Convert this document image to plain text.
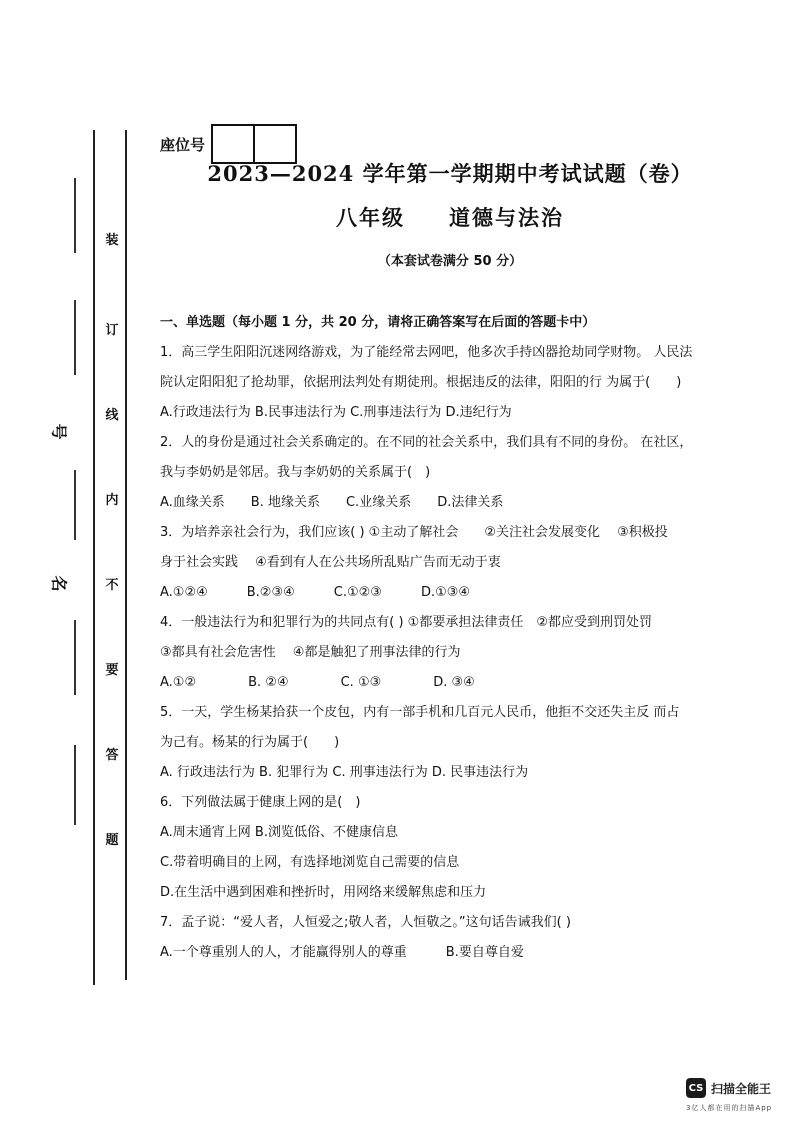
装
订
线
内
不
要
答
题
号
名
座位号
2023—2024 学年第一学期期中考试试题（卷）
八年级 道德与法治
（本套试卷满分 50 分）
一、单选题（每小题 1 分，共 20 分，请将正确答案写在后面的答题卡中）
1．高三学生阳阳沉迷网络游戏，为了能经常去网吧，他多次手持凶器抢劫同学财物。 人民法
院认定阳阳犯了抢劫罪，依据刑法判处有期徒刑。根据违反的法律，阳阳的行 为属于(　　)
A.行政违法行为 B.民事违法行为 C.刑事违法行为 D.违纪行为
2．人的身份是通过社会关系确定的。在不同的社会关系中，我们具有不同的身份。 在社区，
我与李奶奶是邻居。我与李奶奶的关系属于(　)
A.血缘关系　　B. 地缘关系　　C.业缘关系　　D.法律关系
3．为培养亲社会行为，我们应该( ) ①主动了解社会　　②关注社会发展变化　 ③积极投
身于社会实践　 ④看到有人在公共场所乱贴广告而无动于衷
A.①②④　　　B.②③④　　　C.①②③　　　D.①③④
4．一般违法行为和犯罪行为的共同点有( ) ①都要承担法律责任　②都应受到刑罚处罚
③都具有社会危害性　 ④都是触犯了刑事法律的行为
A.①②　　　　B. ②④　　　　C. ①③　　　　D. ③④
5．一天，学生杨某拾获一个皮包，内有一部手机和几百元人民币，他拒不交还失主反 而占
为己有。杨某的行为属于(　　)
A. 行政违法行为 B. 犯罪行为 C. 刑事违法行为 D. 民事违法行为
6．下列做法属于健康上网的是(　)
A.周末通宵上网 B.浏览低俗、不健康信息
C.带着明确目的上网，有选择地浏览自己需要的信息
D.在生活中遇到困难和挫折时，用网络来缓解焦虑和压力
7．孟子说：“爱人者，人恒爱之;敬人者，人恒敬之。”这句话告诫我们( )
A.一个尊重别人的人，才能赢得别人的尊重　　　B.要自尊自爱
CS 扫描全能王
3亿人都在用的扫描App
